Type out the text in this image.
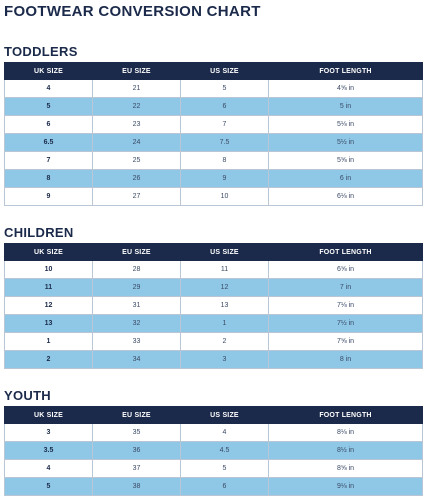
FOOTWEAR CONVERSION CHART
TODDLERS
UK SIZE	EU SIZE	US SIZE	FOOT LENGTH
4	21	5	4⅝ in
5	22	6	5 in
6	23	7	5⅛ in
6.5	24	7.5	5½ in
7	25	8	5⅝ in
8	26	9	6 in
9	27	10	6⅛ in
CHILDREN
UK SIZE	EU SIZE	US SIZE	FOOT LENGTH
10	28	11	6⅝ in
11	29	12	7 in
12	31	13	7⅛ in
13	32	1	7½ in
1	33	2	7⅝ in
2	34	3	8 in
YOUTH
UK SIZE	EU SIZE	US SIZE	FOOT LENGTH
3	35	4	8⅛ in
3.5	36	4.5	8½ in
4	37	5	8⅝ in
5	38	6	9⅛ in
